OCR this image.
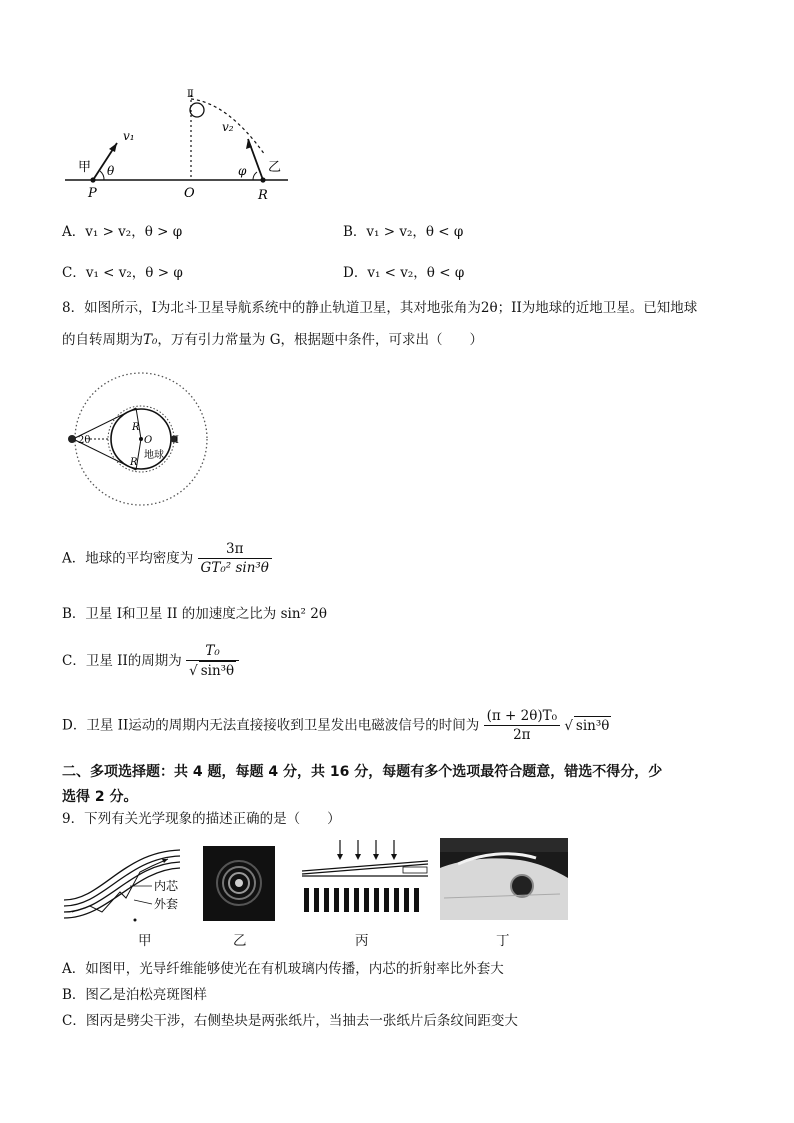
甲
P
θ
v₁
O
Ⅱ
乙
R
φ
v₂
A．v₁ > v₂，θ > φ	B．v₁ > v₂，θ < φ
C．v₁ < v₂，θ > φ	D．v₁ < v₂，θ < φ
8．如图所示，I为北斗卫星导航系统中的静止轨道卫星，其对地张角为2θ；II为地球的近地卫星。已知地球
的自转周期为T₀，万有引力常量为 G，根据题中条件，可求出（　　）
2θ
R
R
O
地球
I
A．地球的平均密度为 $\frac{3\pi}{\text{GT₀² sin³θ}}$
B．卫星 I和卫星 II 的加速度之比为 sin² 2θ
C．卫星 II的周期为 $\frac{\text{T₀}}{\text{√ sin³θ}}$
D．卫星 II运动的周期内无法直接接收到卫星发出电磁波信号的时间为 $\frac{\text{(π + 2θ)T₀}}{2\pi}$ √ sin³θ
二、多项选择题：共 4 题，每题 4 分，共 16 分，每题有多个选项最符合题意，错选不得分，少
选得 2 分。
9．下列有关光学现象的描述正确的是（　　）
内芯
外套
甲	乙	丙	丁
A．如图甲，光导纤维能够使光在有机玻璃内传播，内芯的折射率比外套大
B．图乙是泊松亮斑图样
C．图丙是劈尖干涉，右侧垫块是两张纸片，当抽去一张纸片后条纹间距变大
